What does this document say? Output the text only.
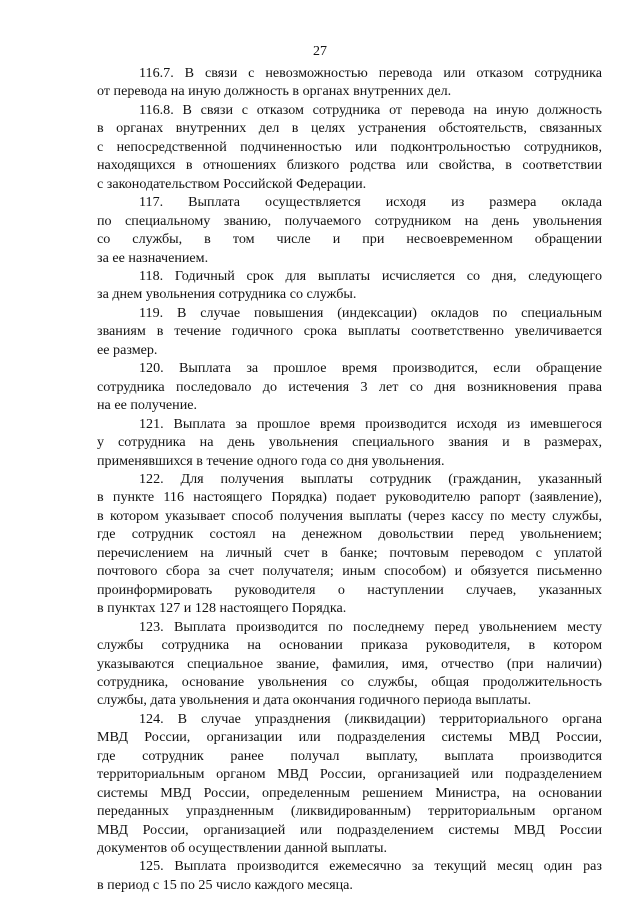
27

116.7. В связи с невозможностью перевода или отказом сотрудника
от перевода на иную должность в органах внутренних дел.

116.8. В связи с отказом сотрудника от перевода на иную должность
в органах внутренних дел в целях устранения обстоятельств, связанных
с непосредственной подчиненностью или подконтрольностью сотрудников,
находящихся в отношениях близкого родства или свойства, в соответствии
с законодательством Российской Федерации.

117. Выплата осуществляется исходя из размера оклада
по специальному званию, получаемого сотрудником на день увольнения
со службы, в том числе и при несвоевременном обращении
за ее назначением.

118. Годичный срок для выплаты исчисляется со дня, следующего
за днем увольнения сотрудника со службы.

119. В случае повышения (индексации) окладов по специальным
званиям в течение годичного срока выплаты соответственно увеличивается
ее размер.

120. Выплата за прошлое время производится, если обращение
сотрудника последовало до истечения 3 лет со дня возникновения права
на ее получение.

121. Выплата за прошлое время производится исходя из имевшегося
у сотрудника на день увольнения специального звания и в размерах,
применявшихся в течение одного года со дня увольнения.

122. Для получения выплаты сотрудник (гражданин, указанный
в пункте 116 настоящего Порядка) подает руководителю рапорт (заявление),
в котором указывает способ получения выплаты (через кассу по месту службы,
где сотрудник состоял на денежном довольствии перед увольнением;
перечислением на личный счет в банке; почтовым переводом с уплатой
почтового сбора за счет получателя; иным способом) и обязуется письменно
проинформировать руководителя о наступлении случаев, указанных
в пунктах 127 и 128 настоящего Порядка.

123. Выплата производится по последнему перед увольнением месту
службы сотрудника на основании приказа руководителя, в котором
указываются специальное звание, фамилия, имя, отчество (при наличии)
сотрудника, основание увольнения со службы, общая продолжительность
службы, дата увольнения и дата окончания годичного периода выплаты.

124. В случае упразднения (ликвидации) территориального органа
МВД России, организации или подразделения системы МВД России,
где сотрудник ранее получал выплату, выплата производится
территориальным органом МВД России, организацией или подразделением
системы МВД России, определенным решением Министра, на основании
переданных упраздненным (ликвидированным) территориальным органом
МВД России, организацией или подразделением системы МВД России
документов об осуществлении данной выплаты.

125. Выплата производится ежемесячно за текущий месяц один раз
в период с 15 по 25 число каждого месяца.
